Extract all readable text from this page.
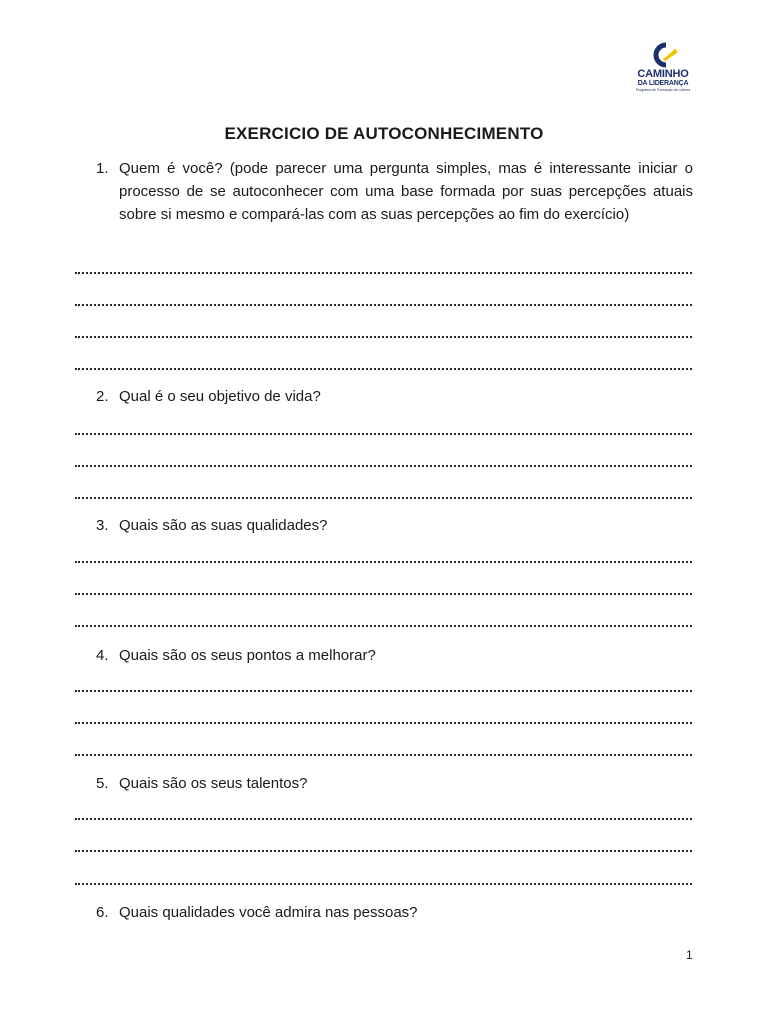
CAMINHO
DA LIDERANÇA
Programa de Formação de Líderes
EXERCICIO DE AUTOCONHECIMENTO
1. Quem é você? (pode parecer uma pergunta simples, mas é interessante iniciar o processo de se autoconhecer com uma base formada por suas percepções atuais sobre si mesmo e compará-las com as suas percepções ao fim do exercício)
2. Qual é o seu objetivo de vida?
3. Quais são as suas qualidades?
4. Quais são os seus pontos a melhorar?
5. Quais são os seus talentos?
6. Quais qualidades você admira nas pessoas?
1
